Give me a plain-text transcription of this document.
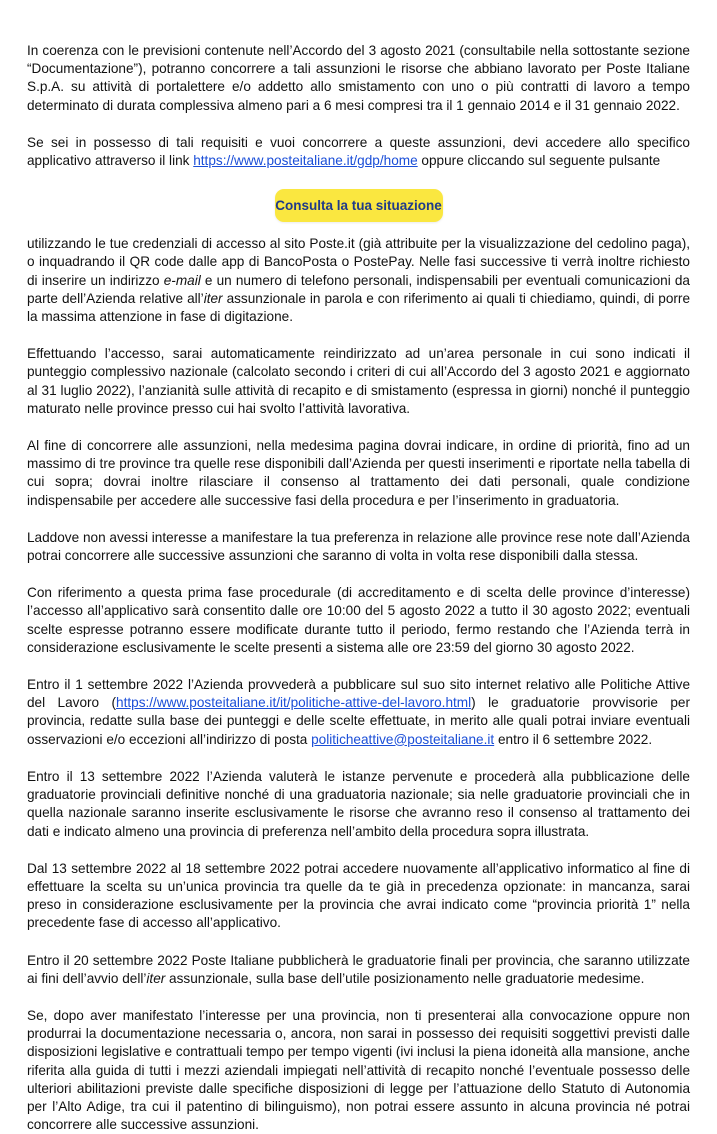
In coerenza con le previsioni contenute nell’Accordo del 3 agosto 2021 (consultabile nella sottostante sezione “Documentazione”), potranno concorrere a tali assunzioni le risorse che abbiano lavorato per Poste Italiane S.p.A. su attività di portalettere e/o addetto allo smistamento con uno o più contratti di lavoro a tempo determinato di durata complessiva almeno pari a 6 mesi compresi tra il 1 gennaio 2014 e il 31 gennaio 2022.

Se sei in possesso di tali requisiti e vuoi concorrere a queste assunzioni, devi accedere allo specifico applicativo attraverso il link https://www.posteitaliane.it/gdp/home oppure cliccando sul seguente pulsante

Consulta la tua situazione

utilizzando le tue credenziali di accesso al sito Poste.it (già attribuite per la visualizzazione del cedolino paga), o inquadrando il QR code dalle app di BancoPosta o PostePay. Nelle fasi successive ti verrà inoltre richiesto di inserire un indirizzo e-mail e un numero di telefono personali, indispensabili per eventuali comunicazioni da parte dell’Azienda relative all’iter assunzionale in parola e con riferimento ai quali ti chiediamo, quindi, di porre la massima attenzione in fase di digitazione.

Effettuando l’accesso, sarai automaticamente reindirizzato ad un’area personale in cui sono indicati il punteggio complessivo nazionale (calcolato secondo i criteri di cui all’Accordo del 3 agosto 2021 e aggiornato al 31 luglio 2022), l’anzianità sulle attività di recapito e di smistamento (espressa in giorni) nonché il punteggio maturato nelle province presso cui hai svolto l’attività lavorativa.

Al fine di concorrere alle assunzioni, nella medesima pagina dovrai indicare, in ordine di priorità, fino ad un massimo di tre province tra quelle rese disponibili dall’Azienda per questi inserimenti e riportate nella tabella di cui sopra; dovrai inoltre rilasciare il consenso al trattamento dei dati personali, quale condizione indispensabile per accedere alle successive fasi della procedura e per l’inserimento in graduatoria.

Laddove non avessi interesse a manifestare la tua preferenza in relazione alle province rese note dall’Azienda potrai concorrere alle successive assunzioni che saranno di volta in volta rese disponibili dalla stessa.

Con riferimento a questa prima fase procedurale (di accreditamento e di scelta delle province d’interesse) l’accesso all’applicativo sarà consentito dalle ore 10:00 del 5 agosto 2022 a tutto il 30 agosto 2022; eventuali scelte espresse potranno essere modificate durante tutto il periodo, fermo restando che l’Azienda terrà in considerazione esclusivamente le scelte presenti a sistema alle ore 23:59 del giorno 30 agosto 2022.

Entro il 1 settembre 2022 l’Azienda provvederà a pubblicare sul suo sito internet relativo alle Politiche Attive del Lavoro (https://www.posteitaliane.it/it/politiche-attive-del-lavoro.html) le graduatorie provvisorie per provincia, redatte sulla base dei punteggi e delle scelte effettuate, in merito alle quali potrai inviare eventuali osservazioni e/o eccezioni all’indirizzo di posta politicheattive@posteitaliane.it entro il 6 settembre 2022.

Entro il 13 settembre 2022 l’Azienda valuterà le istanze pervenute e procederà alla pubblicazione delle graduatorie provinciali definitive nonché di una graduatoria nazionale; sia nelle graduatorie provinciali che in quella nazionale saranno inserite esclusivamente le risorse che avranno reso il consenso al trattamento dei dati e indicato almeno una provincia di preferenza nell’ambito della procedura sopra illustrata.

Dal 13 settembre 2022 al 18 settembre 2022 potrai accedere nuovamente all’applicativo informatico al fine di effettuare la scelta su un’unica provincia tra quelle da te già in precedenza opzionate: in mancanza, sarai preso in considerazione esclusivamente per la provincia che avrai indicato come “provincia priorità 1” nella precedente fase di accesso all’applicativo.

Entro il 20 settembre 2022 Poste Italiane pubblicherà le graduatorie finali per provincia, che saranno utilizzate ai fini dell’avvio dell’iter assunzionale, sulla base dell’utile posizionamento nelle graduatorie medesime.

Se, dopo aver manifestato l’interesse per una provincia, non ti presenterai alla convocazione oppure non produrrai la documentazione necessaria o, ancora, non sarai in possesso dei requisiti soggettivi previsti dalle disposizioni legislative e contrattuali tempo per tempo vigenti (ivi inclusi la piena idoneità alla mansione, anche riferita alla guida di tutti i mezzi aziendali impiegati nell’attività di recapito nonché l’eventuale possesso delle ulteriori abilitazioni previste dalle specifiche disposizioni di legge per l’attuazione dello Statuto di Autonomia per l’Alto Adige, tra cui il patentino di bilinguismo), non potrai essere assunto in alcuna provincia né potrai concorrere alle successive assunzioni.
